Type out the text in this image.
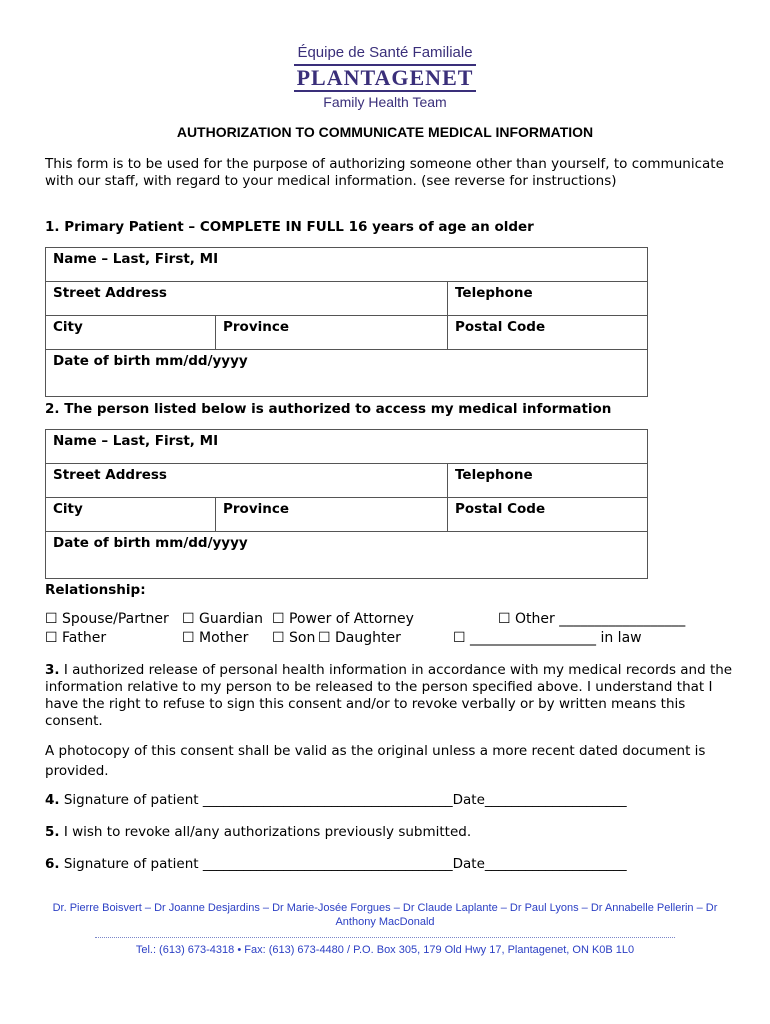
Équipe de Santé Familiale
PLANTAGENET
Family Health Team
AUTHORIZATION TO COMMUNICATE MEDICAL INFORMATION
This form is to be used for the purpose of authorizing someone other than yourself, to communicate with our staff, with regard to your medical information. (see reverse for instructions)
1. Primary Patient – COMPLETE IN FULL 16 years of age an older
Name – Last, First, MI		
Street Address		Telephone
City	Province	Postal Code
Date of birth mm/dd/yyyy		
2. The person listed below is authorized to access my medical information
Name – Last, First, MI		
Street Address		Telephone
City	Province	Postal Code
Date of birth mm/dd/yyyy		
Relationship:
☐ Spouse/Partner ☐ Guardian ☐ Power of Attorney	☐ Other __________________
☐ Father	☐ Mother ☐ Son ☐ Daughter	☐ __________________ in law
3. I authorized release of personal health information in accordance with my medical records and the information relative to my person to be released to the person specified above. I understand that I have the right to refuse to sign this consent and/or to revoke verbally or by written means this consent.
A photocopy of this consent shall be valid as the original unless a more recent dated document is provided.
4. Signature of patient _____________________________________Date_____________________
5. I wish to revoke all/any authorizations previously submitted.
6. Signature of patient _____________________________________Date_____________________
Dr. Pierre Boisvert – Dr Joanne Desjardins – Dr Marie-Josée Forgues – Dr Claude Laplante – Dr Paul Lyons – Dr Annabelle Pellerin – Dr Anthony MacDonald
Tel.: (613) 673-4318 • Fax: (613) 673-4480 / P.O. Box 305, 179 Old Hwy 17, Plantagenet, ON K0B 1L0
